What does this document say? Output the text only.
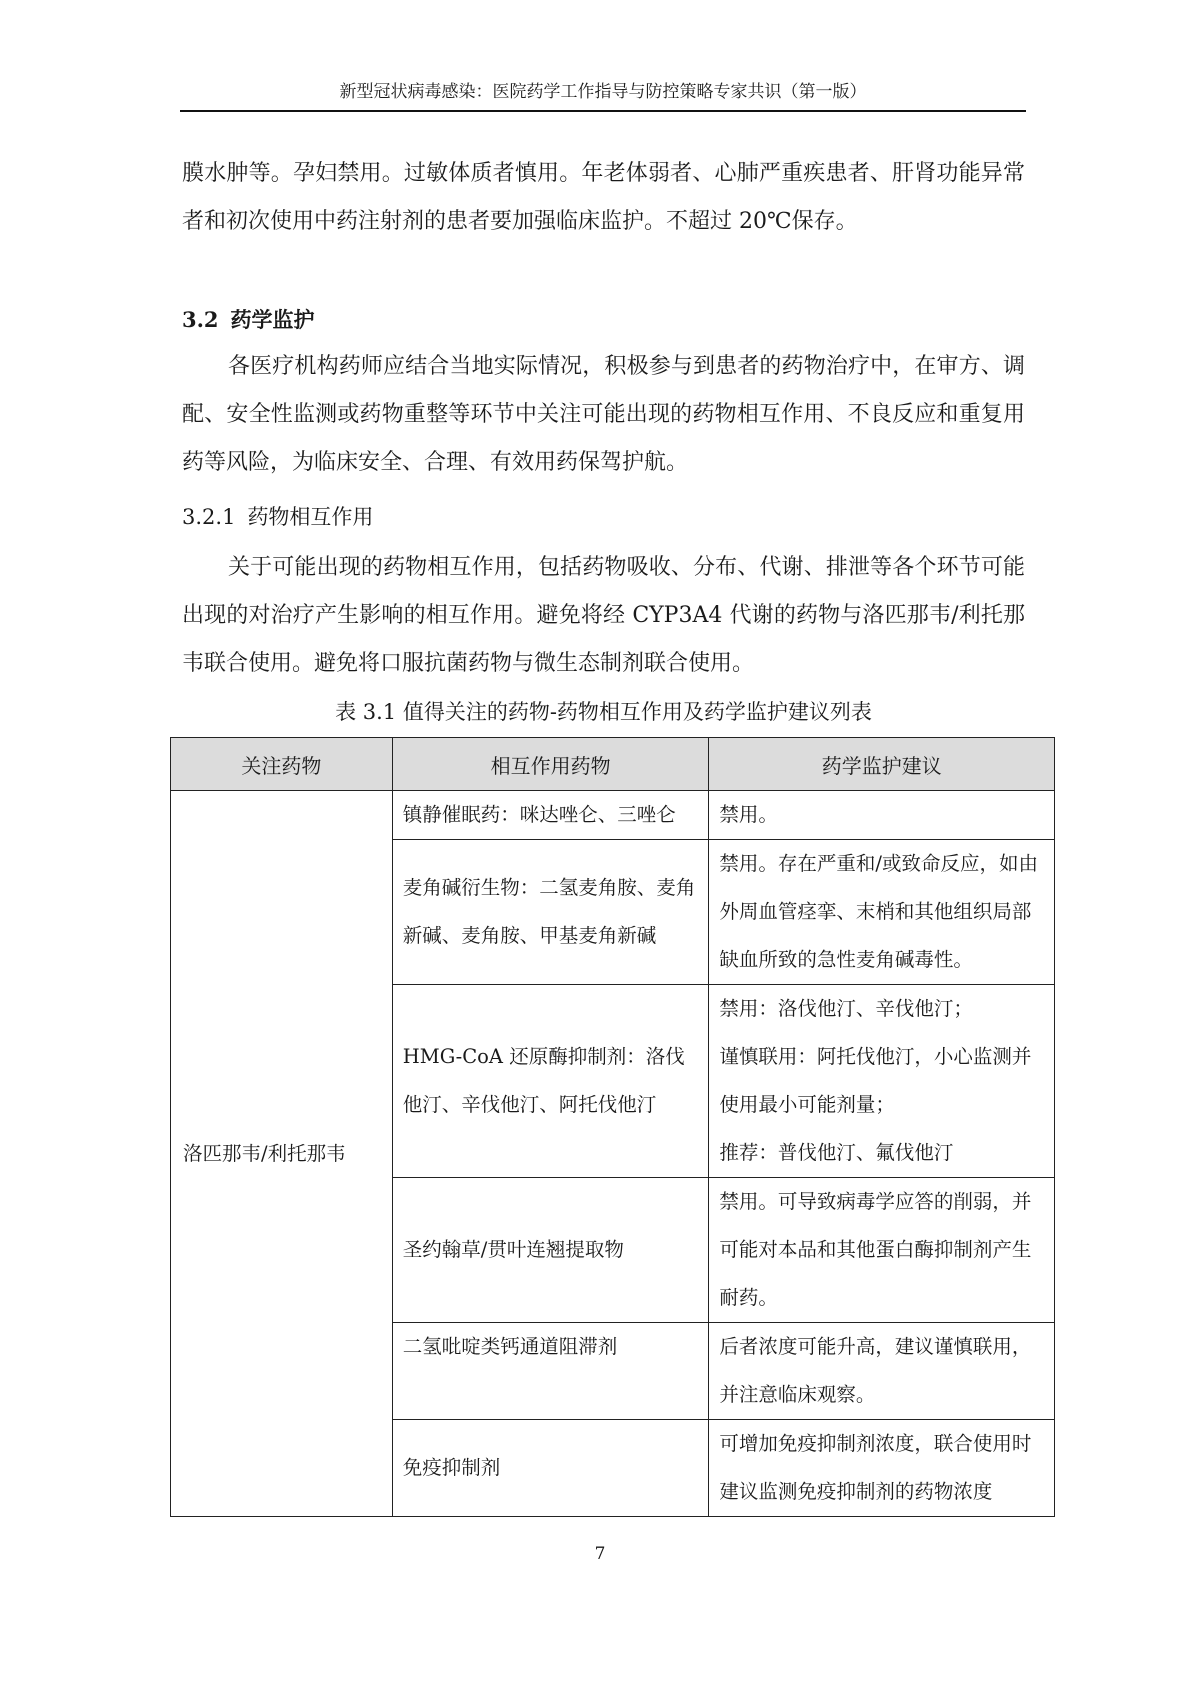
新型冠状病毒感染：医院药学工作指导与防控策略专家共识（第一版）

膜水肿等。孕妇禁用。过敏体质者慎用。年老体弱者、心肺严重疾患者、肝肾功能异常者和初次使用中药注射剂的患者要加强临床监护。不超过 20℃保存。

3.2 药学监护

各医疗机构药师应结合当地实际情况，积极参与到患者的药物治疗中，在审方、调配、安全性监测或药物重整等环节中关注可能出现的药物相互作用、不良反应和重复用药等风险，为临床安全、合理、有效用药保驾护航。

3.2.1 药物相互作用

关于可能出现的药物相互作用，包括药物吸收、分布、代谢、排泄等各个环节可能出现的对治疗产生影响的相互作用。避免将经 CYP3A4 代谢的药物与洛匹那韦/利托那韦联合使用。避免将口服抗菌药物与微生态制剂联合使用。

表 3.1 值得关注的药物-药物相互作用及药学监护建议列表
关注药物	相互作用药物	药学监护建议
洛匹那韦/利托那韦	镇静催眠药：咪达唑仑、三唑仑	禁用。
	麦角碱衍生物：二氢麦角胺、麦角新碱、麦角胺、甲基麦角新碱	禁用。存在严重和/或致命反应，如由外周血管痉挛、末梢和其他组织局部缺血所致的急性麦角碱毒性。
	HMG-CoA 还原酶抑制剂：洛伐他汀、辛伐他汀、阿托伐他汀	禁用：洛伐他汀、辛伐他汀；
谨慎联用：阿托伐他汀，小心监测并使用最小可能剂量；
推荐：普伐他汀、氟伐他汀

	圣约翰草/贯叶连翘提取物	禁用。可导致病毒学应答的削弱，并可能对本品和其他蛋白酶抑制剂产生耐药。
	二氢吡啶类钙通道阻滞剂	后者浓度可能升高，建议谨慎联用，并注意临床观察。
	免疫抑制剂	可增加免疫抑制剂浓度，联合使用时建议监测免疫抑制剂的药物浓度
7
